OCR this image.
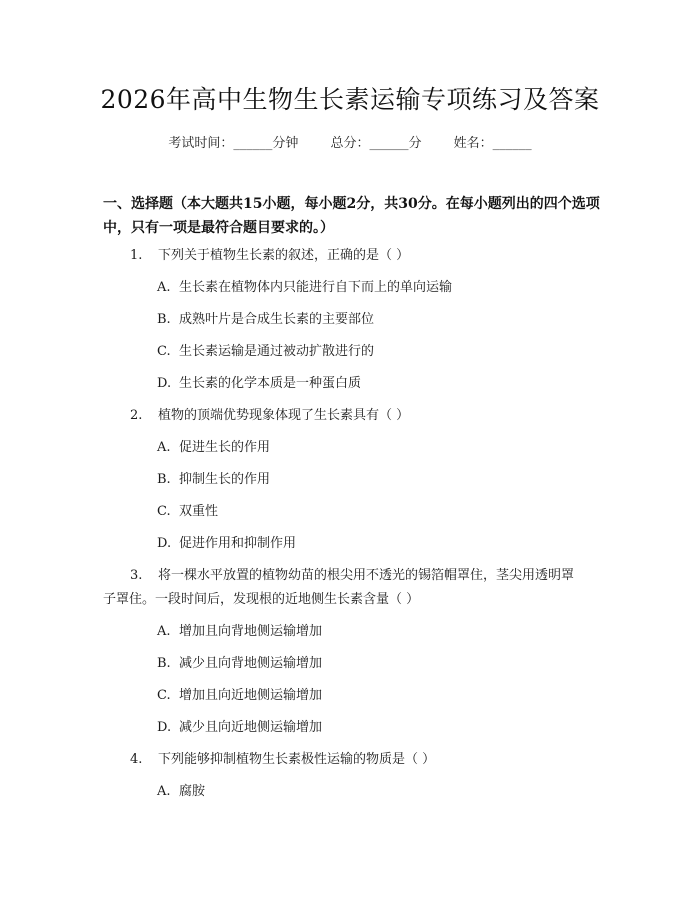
2026年高中生物生长素运输专项练习及答案
考试时间：______分钟 总分：______分 姓名：______
一、选择题（本大题共15小题，每小题2分，共30分。在每小题列出的四个选项中，只有一项是最符合题目要求的。）
1. 下列关于植物生长素的叙述，正确的是（ ）
A. 生长素在植物体内只能进行自下而上的单向运输
B. 成熟叶片是合成生长素的主要部位
C. 生长素运输是通过被动扩散进行的
D. 生长素的化学本质是一种蛋白质
2. 植物的顶端优势现象体现了生长素具有（ ）
A. 促进生长的作用
B. 抑制生长的作用
C. 双重性
D. 促进作用和抑制作用
3. 将一棵水平放置的植物幼苗的根尖用不透光的锡箔帽罩住，茎尖用透明罩
子罩住。一段时间后，发现根的近地侧生长素含量（ ）
A. 增加且向背地侧运输增加
B. 减少且向背地侧运输增加
C. 增加且向近地侧运输增加
D. 减少且向近地侧运输增加
4. 下列能够抑制植物生长素极性运输的物质是（ ）
A. 腐胺
